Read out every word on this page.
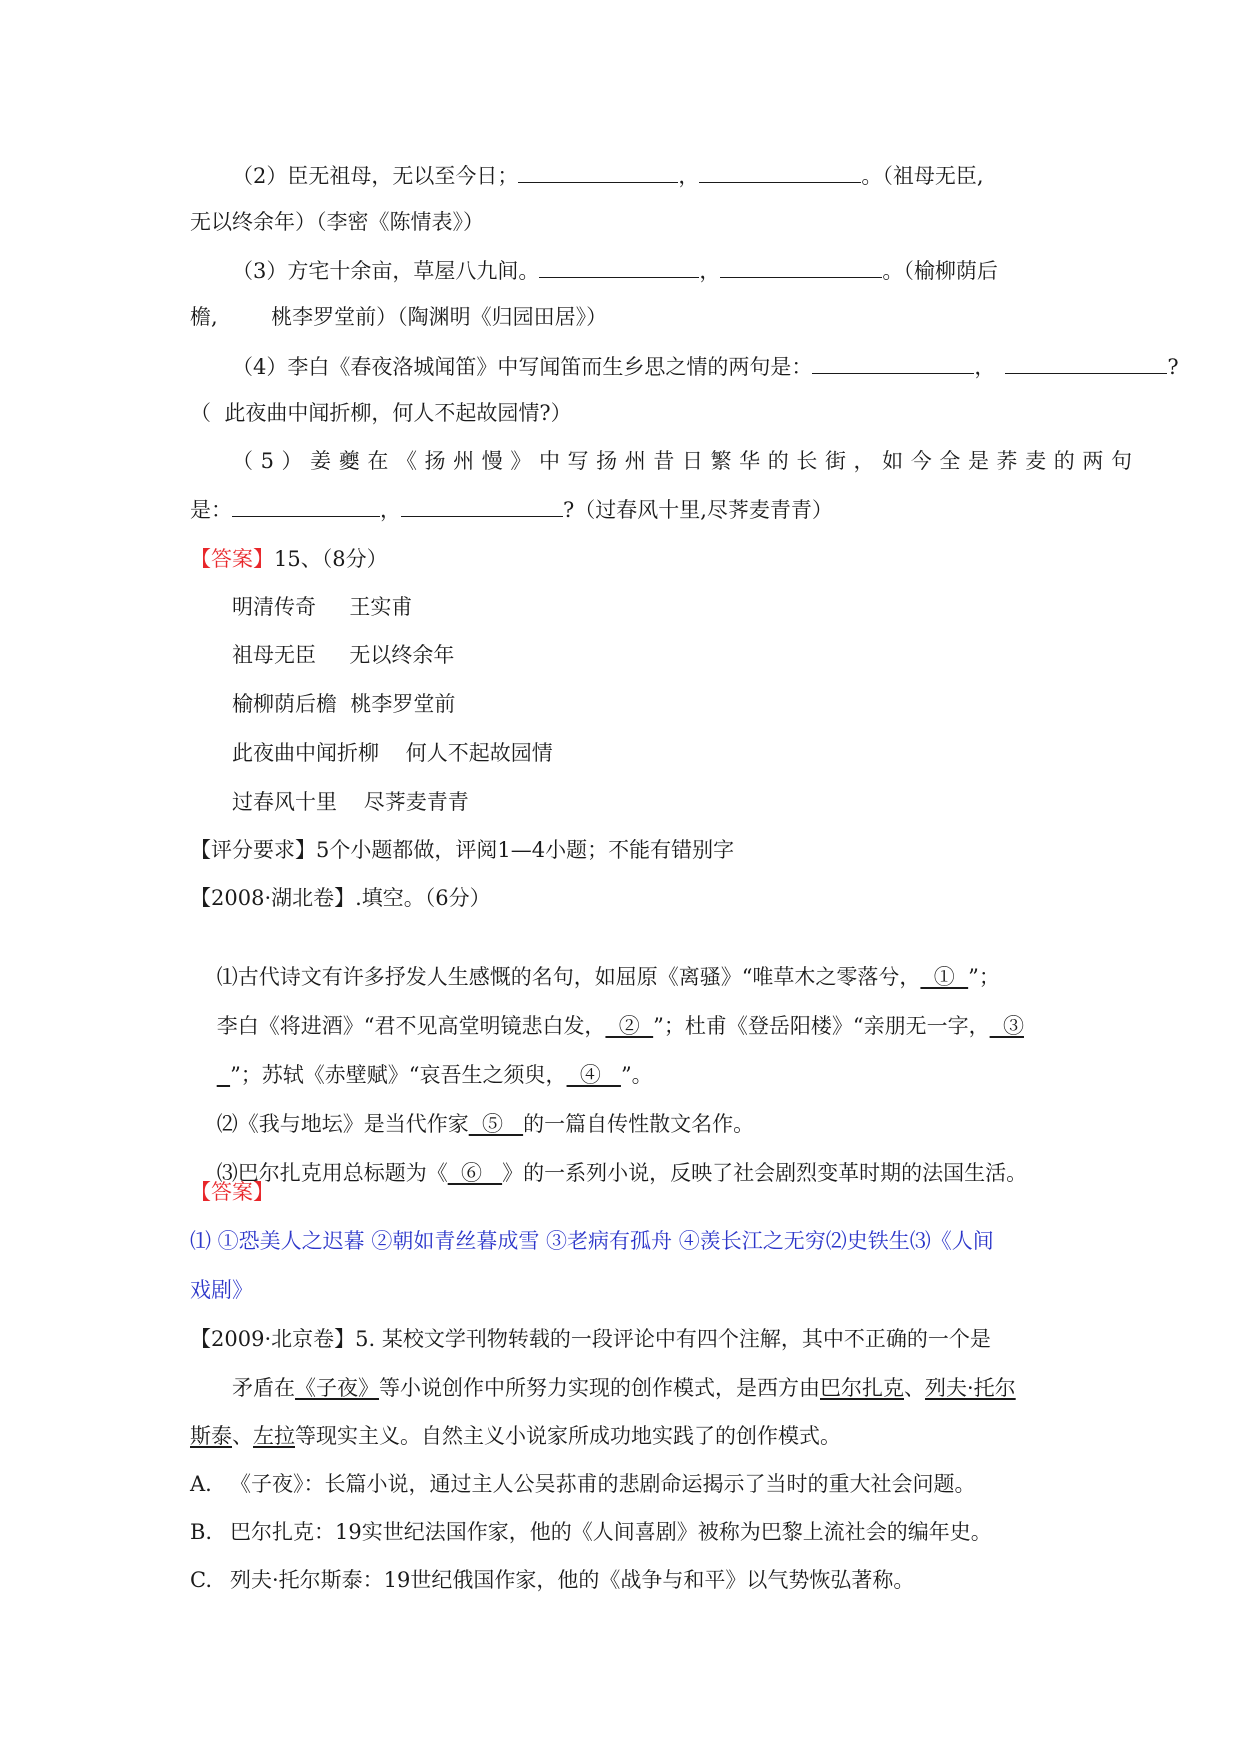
（2）臣无祖母，无以至今日；	，	。（祖母无臣,
无以终余年）（李密《陈情表》）
（3）方宅十余亩，草屋八九间。	，	。（榆柳荫后
檐,        桃李罗堂前）（陶渊明《归园田居》）
（4）李白《春夜洛城闻笛》中写闻笛而生乡思之情的两句是：	，	?
（  此夜曲中闻折柳，何人不起故园情?）
（5）姜夔在《扬州慢》中写扬州昔日繁华的长街，如今全是荞麦的两句
是：	，	?（过春风十里,尽荠麦青青）
【答案】15、（8分）
明清传奇     王实甫
祖母无臣     无以终余年
榆柳荫后檐  桃李罗堂前
此夜曲中闻折柳    何人不起故园情
过春风十里    尽荠麦青青
【评分要求】5个小题都做，评阅1—4小题；不能有错别字
【2008·湖北卷】.填空。（6分）

⑴古代诗文有许多抒发人生感慨的名句，如屈原《离骚》“唯草木之零落兮，  ①  ”；

李白《将进酒》“君不见高堂明镜悲白发，  ②  ”；杜甫《登岳阳楼》“亲朋无一字，  ③

”；苏轼《赤壁赋》“哀吾生之须臾，  ④   ”。

⑵《我与地坛》是当代作家  ⑤   的一篇自传性散文名作。

⑶巴尔扎克用总标题为《  ⑥   》的一系列小说，反映了社会剧烈变革时期的法国生活。

【答案】
⑴ ①恐美人之迟暮 ②朝如青丝暮成雪 ③老病有孤舟 ④羡长江之无穷⑵史铁生⑶《人间
戏剧》
【2009·北京卷】5. 某校文学刊物转载的一段评论中有四个注解，其中不正确的一个是
矛盾在《子夜》等小说创作中所努力实现的创作模式，是西方由巴尔扎克、列夫·托尔
斯泰、左拉等现实主义。自然主义小说家所成功地实践了的创作模式。
A. 《子夜》：长篇小说，通过主人公吴荪甫的悲剧命运揭示了当时的重大社会问题。
B. 巴尔扎克：19实世纪法国作家，他的《人间喜剧》被称为巴黎上流社会的编年史。
C. 列夫·托尔斯泰：19世纪俄国作家，他的《战争与和平》以气势恢弘著称。
